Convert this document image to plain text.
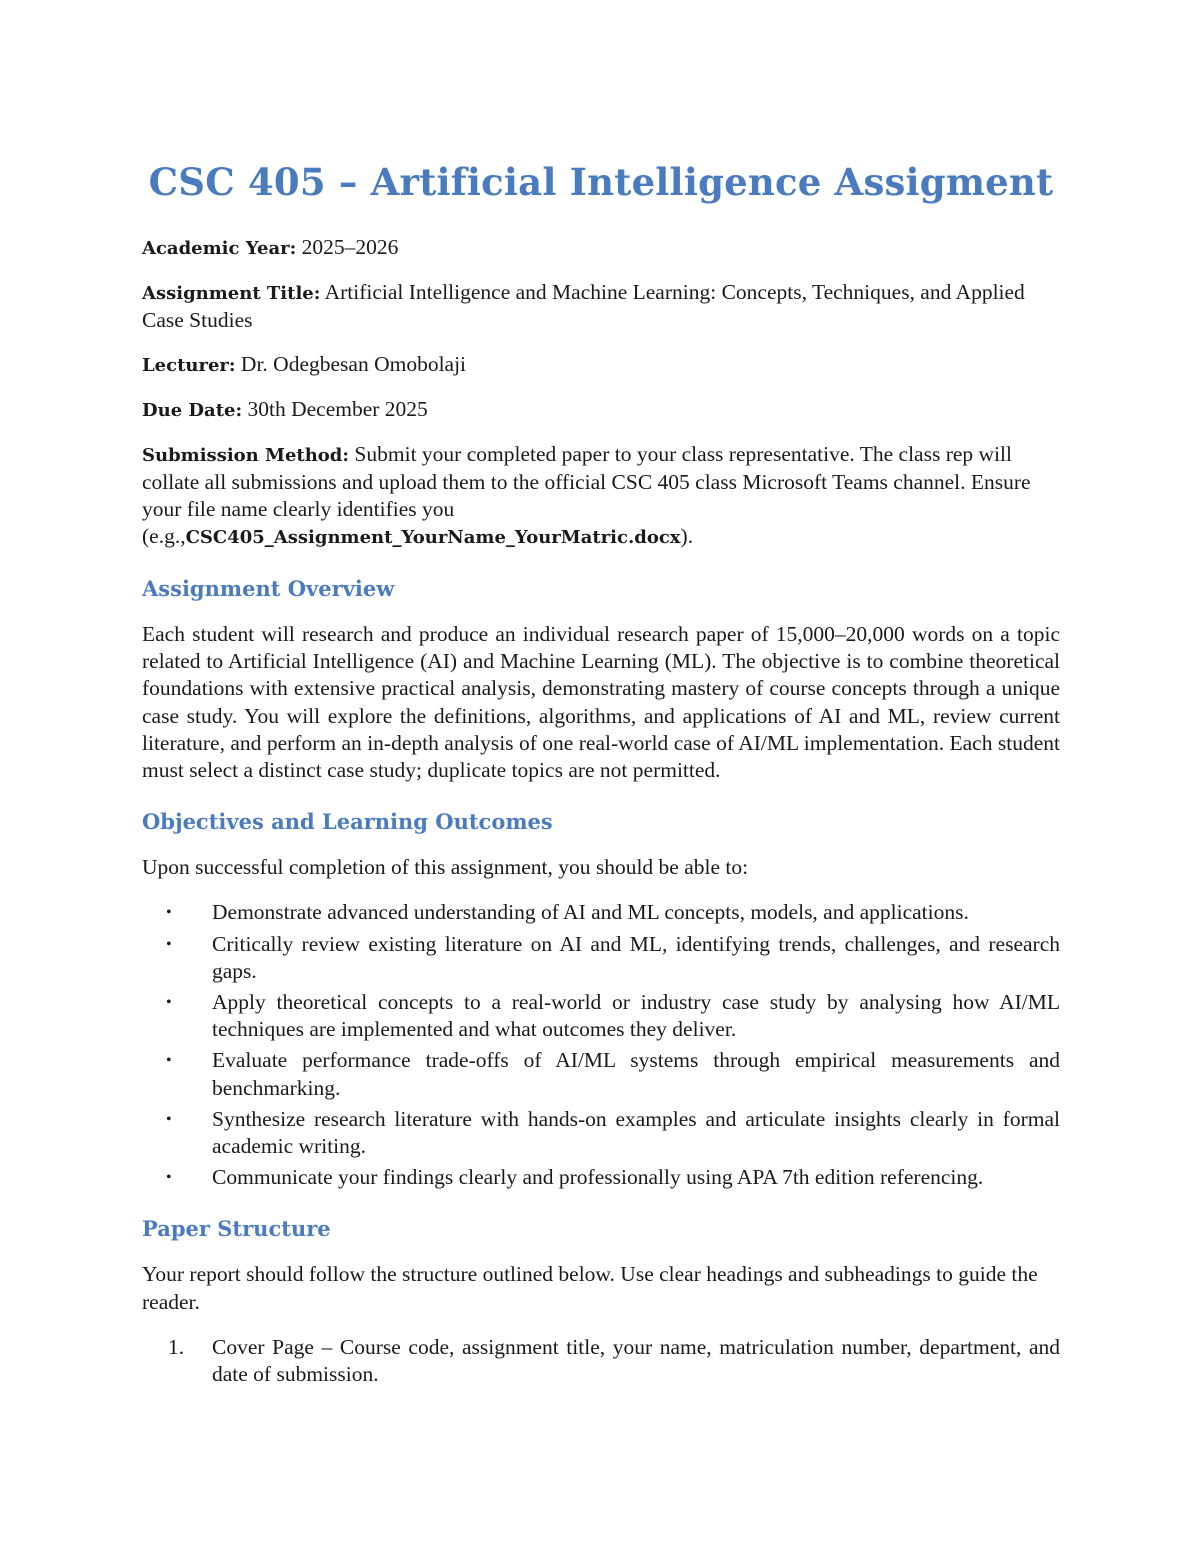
CSC 405 – Artificial Intelligence Assigment
Academic Year: 2025–2026
Assignment Title: Artificial Intelligence and Machine Learning: Concepts, Techniques, and Applied Case Studies
Lecturer: Dr. Odegbesan Omobolaji
Due Date: 30th December 2025
Submission Method: Submit your completed paper to your class representative. The class rep will collate all submissions and upload them to the official CSC 405 class Microsoft Teams channel. Ensure your file name clearly identifies you
(e.g.,CSC405_Assignment_YourName_YourMatric.docx).
Assignment Overview

Each student will research and produce an individual research paper of 15,000–20,000 words on a topic related to Artificial Intelligence (AI) and Machine Learning (ML). The objective is to combine theoretical foundations with extensive practical analysis, demonstrating mastery of course concepts through a unique case study. You will explore the definitions, algorithms, and applications of AI and ML, review current literature, and perform an in-depth analysis of one real-world case of AI/ML implementation. Each student must select a distinct case study; duplicate topics are not permitted.

Objectives and Learning Outcomes

Upon successful completion of this assignment, you should be able to:

• Demonstrate advanced understanding of AI and ML concepts, models, and applications.
• Critically review existing literature on AI and ML, identifying trends, challenges, and research gaps.
• Apply theoretical concepts to a real-world or industry case study by analysing how AI/ML techniques are implemented and what outcomes they deliver.
• Evaluate performance trade-offs of AI/ML systems through empirical measurements and benchmarking.
• Synthesize research literature with hands-on examples and articulate insights clearly in formal academic writing.
• Communicate your findings clearly and professionally using APA 7th edition referencing.
Paper Structure

Your report should follow the structure outlined below. Use clear headings and subheadings to guide the reader.

1. Cover Page – Course code, assignment title, your name, matriculation number, department, and date of submission.
